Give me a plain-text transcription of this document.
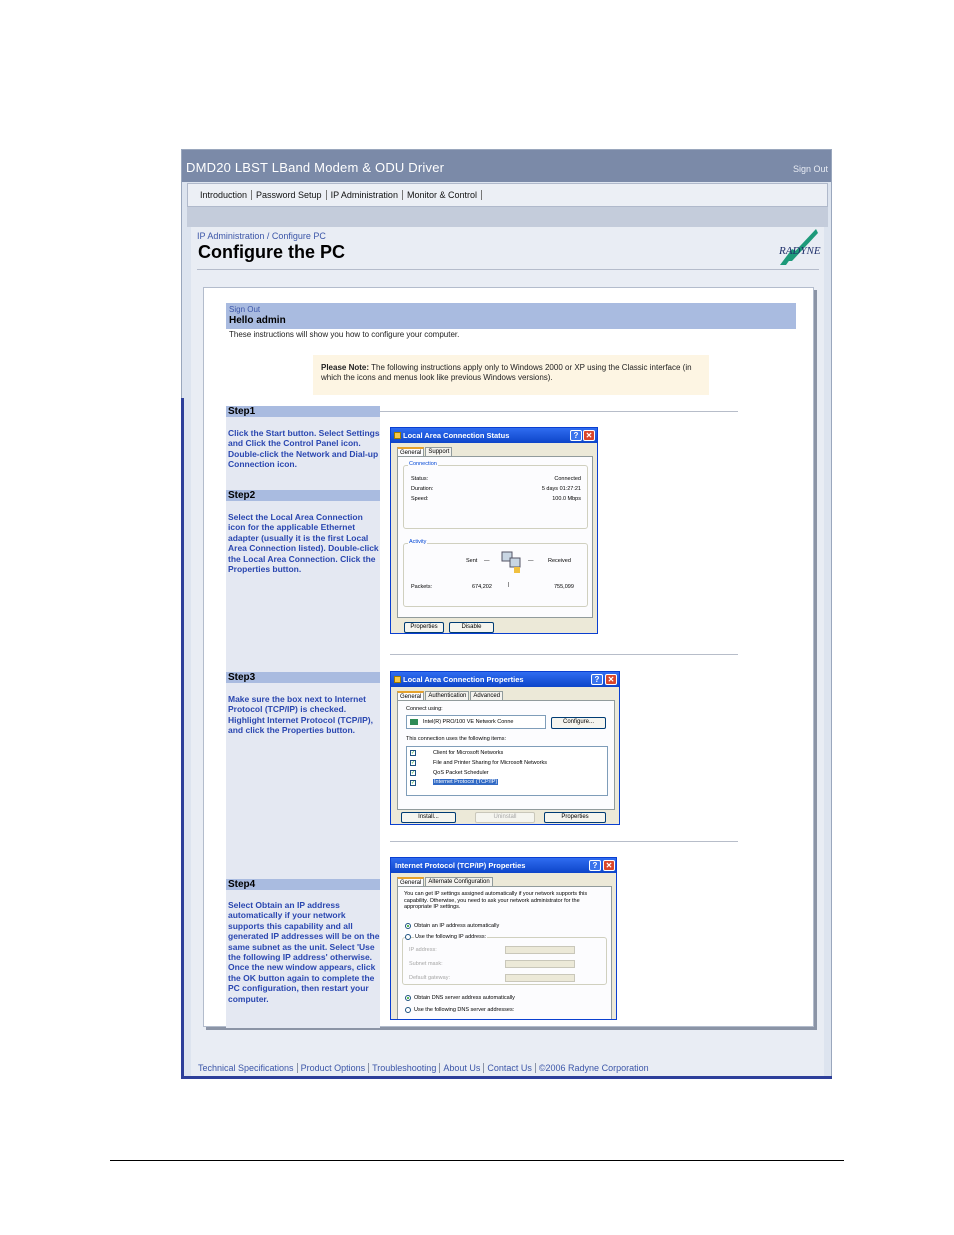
DMD20 LBST LBand Modem & ODU Driver	Sign Out
Introduction	Password Setup	IP Administration	Monitor & Control
IP Administration / Configure PC
Configure the PC	RADYNE
Sign Out
Hello admin
These instructions will show you how to configure your computer.
Please Note: The following instructions apply only to Windows 2000 or XP using the Classic interface (in which the icons and menus look like previous Windows versions).
Step1
Click the Start button. Select Settings and Click the Control Panel icon. Double-click the Network and Dial-up Connection icon.
Step2
Select the Local Area Connection icon for the applicable Ethernet adapter (usually it is the first Local Area Connection listed). Double-click the Local Area Connection. Click the Properties button.
Local Area Connection Status	? ✕
General	Support
Connection
Status:	Connected
Duration:	5 days 01:27:21
Speed:	100.0 Mbps
Activity
Sent —	—	Received
Packets:	674,202	|	755,099
Properties	Disable
Step3
Make sure the box next to Internet Protocol (TCP/IP) is checked. Highlight Internet Protocol (TCP/IP), and click the Properties button.
Local Area Connection Properties	?	✕
General	Authentication	Advanced
Connect using:
Intel(R) PRO/100 VE Network Conne	Configure...
This connection uses the following items:
✓	Client for Microsoft Networks
✓	File and Printer Sharing for Microsoft Networks
✓	QoS Packet Scheduler
✓	Internet Protocol (TCP/IP)
Install...	Uninstall	Properties
Step4
Select Obtain an IP address automatically if your network supports this capability and all generated IP addresses will be on the same subnet as the unit. Select 'Use the following IP address' otherwise. Once the new window appears, click the OK button again to complete the PC configuration, then restart your computer.
Internet Protocol (TCP/IP) Properties	?	✕
General	Alternate Configuration
You can get IP settings assigned automatically if your network supports this capability. Otherwise, you need to ask your network administrator for the appropriate IP settings.
Obtain an IP address automatically
Use the following IP address:
IP address:
Subnet mask:
Default gateway:
Obtain DNS server address automatically
Use the following DNS server addresses:
Technical Specifications Product Options Troubleshooting About Us Contact Us ©2006 Radyne Corporation
